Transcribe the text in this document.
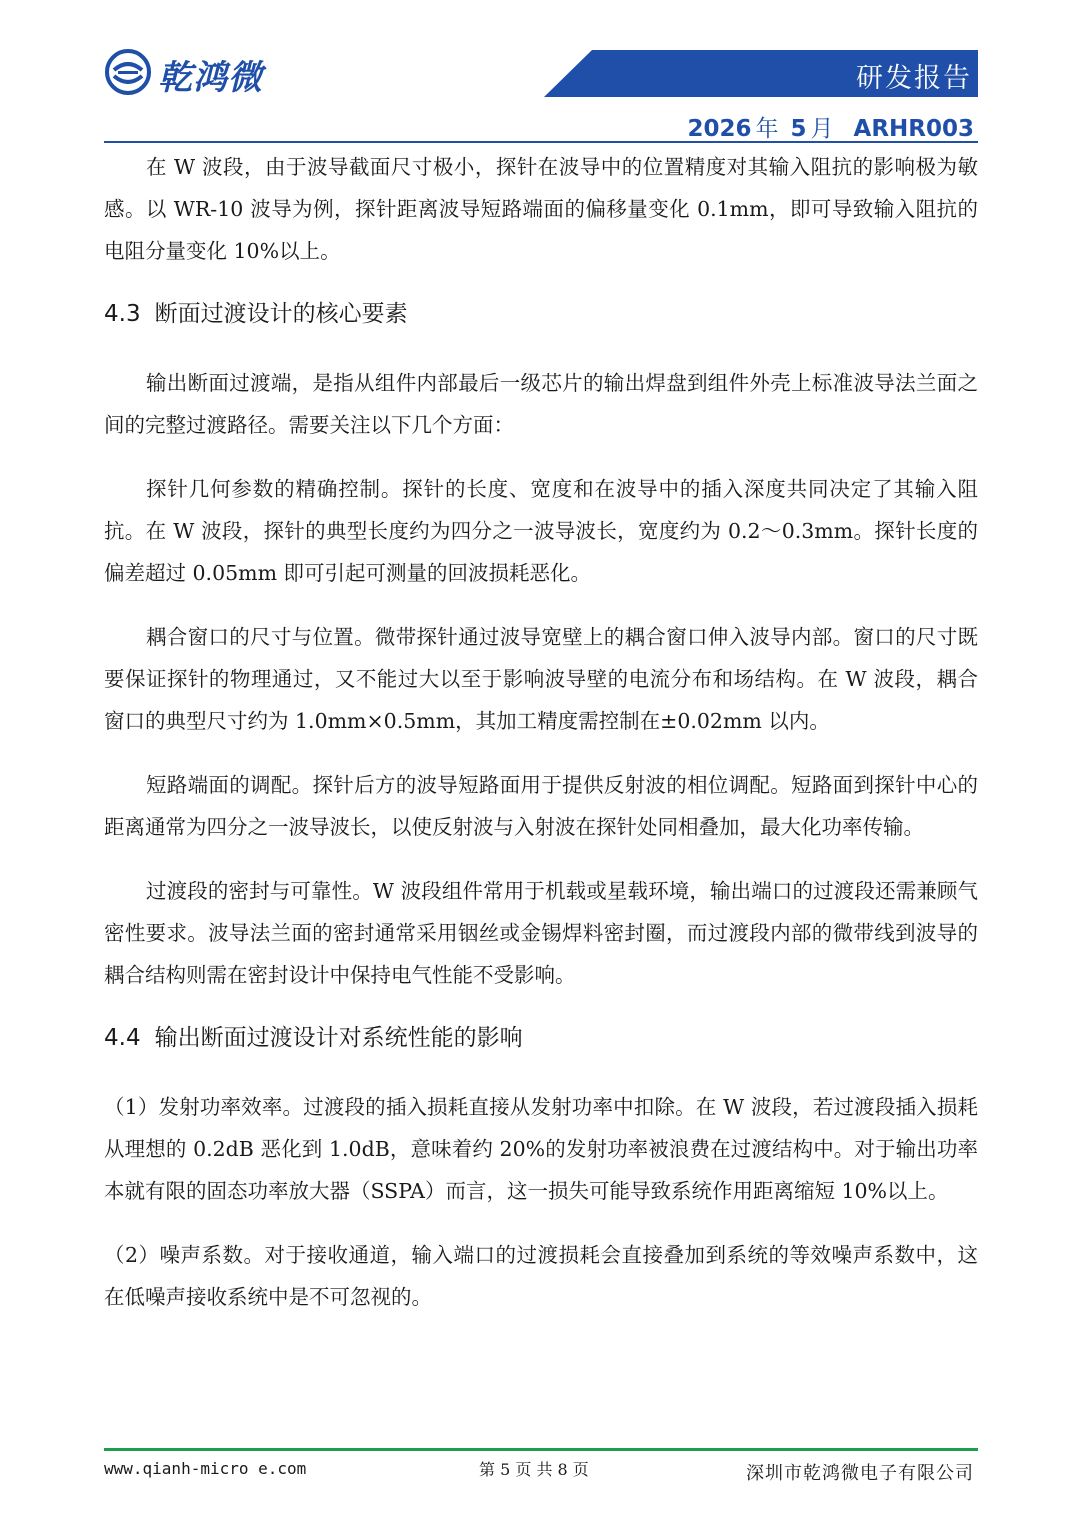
乾鸿微	研发报告
2026 年 5 月 ARHR003

在 W 波段，由于波导截面尺寸极小，探针在波导中的位置精度对其输入阻抗的影响极为敏感。以 WR-10 波导为例，探针距离波导短路端面的偏移量变化 0.1mm，即可导致输入阻抗的电阻分量变化 10%以上。

4.3 断面过渡设计的核心要素

输出断面过渡端，是指从组件内部最后一级芯片的输出焊盘到组件外壳上标准波导法兰面之间的完整过渡路径。需要关注以下几个方面：

探针几何参数的精确控制。探针的长度、宽度和在波导中的插入深度共同决定了其输入阻抗。在 W 波段，探针的典型长度约为四分之一波导波长，宽度约为 0.2～0.3mm。探针长度的偏差超过 0.05mm 即可引起可测量的回波损耗恶化。

耦合窗口的尺寸与位置。微带探针通过波导宽壁上的耦合窗口伸入波导内部。窗口的尺寸既要保证探针的物理通过，又不能过大以至于影响波导壁的电流分布和场结构。在 W 波段，耦合窗口的典型尺寸约为 1.0mm×0.5mm，其加工精度需控制在±0.02mm 以内。

短路端面的调配。探针后方的波导短路面用于提供反射波的相位调配。短路面到探针中心的距离通常为四分之一波导波长，以使反射波与入射波在探针处同相叠加，最大化功率传输。

过渡段的密封与可靠性。W 波段组件常用于机载或星载环境，输出端口的过渡段还需兼顾气密性要求。波导法兰面的密封通常采用铟丝或金锡焊料密封圈，而过渡段内部的微带线到波导的耦合结构则需在密封设计中保持电气性能不受影响。

4.4 输出断面过渡设计对系统性能的影响

（1）发射功率效率。过渡段的插入损耗直接从发射功率中扣除。在 W 波段，若过渡段插入损耗从理想的 0.2dB 恶化到 1.0dB，意味着约 20%的发射功率被浪费在过渡结构中。对于输出功率本就有限的固态功率放大器（SSPA）而言，这一损失可能导致系统作用距离缩短 10%以上。

（2）噪声系数。对于接收通道，输入端口的过渡损耗会直接叠加到系统的等效噪声系数中，这在低噪声接收系统中是不可忽视的。

www.qianh-micro e.com	第 5 页 共 8 页	深圳市乾鸿微电子有限公司
